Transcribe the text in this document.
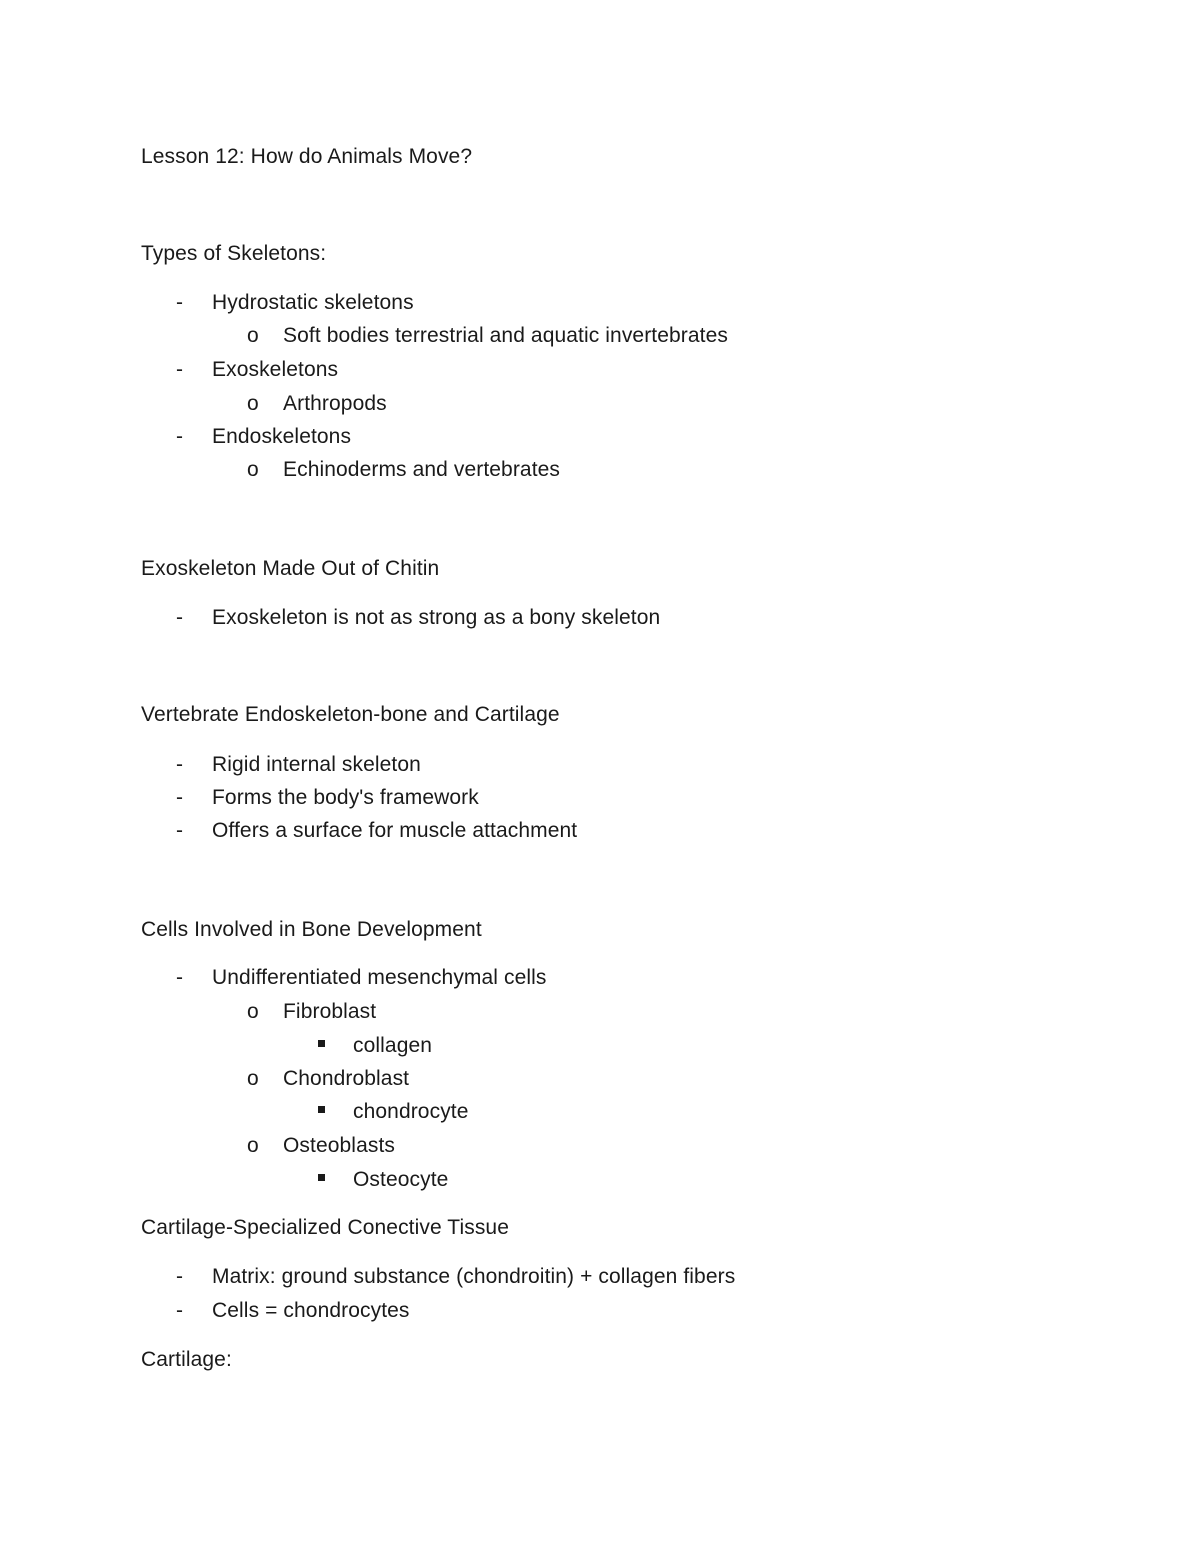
Lesson 12: How do Animals Move?
Types of Skeletons:
- Hydrostatic skeletons
o Soft bodies terrestrial and aquatic invertebrates
- Exoskeletons
o Arthropods
- Endoskeletons
o Echinoderms and vertebrates
Exoskeleton Made Out of Chitin
- Exoskeleton is not as strong as a bony skeleton
Vertebrate Endoskeleton-bone and Cartilage
- Rigid internal skeleton
- Forms the body's framework
- Offers a surface for muscle attachment
Cells Involved in Bone Development
- Undifferentiated mesenchymal cells
o Fibroblast
collagen
o Chondroblast
chondrocyte
o Osteoblasts
Osteocyte
Cartilage-Specialized Conective Tissue
- Matrix: ground substance (chondroitin) + collagen fibers
- Cells = chondrocytes
Cartilage:
